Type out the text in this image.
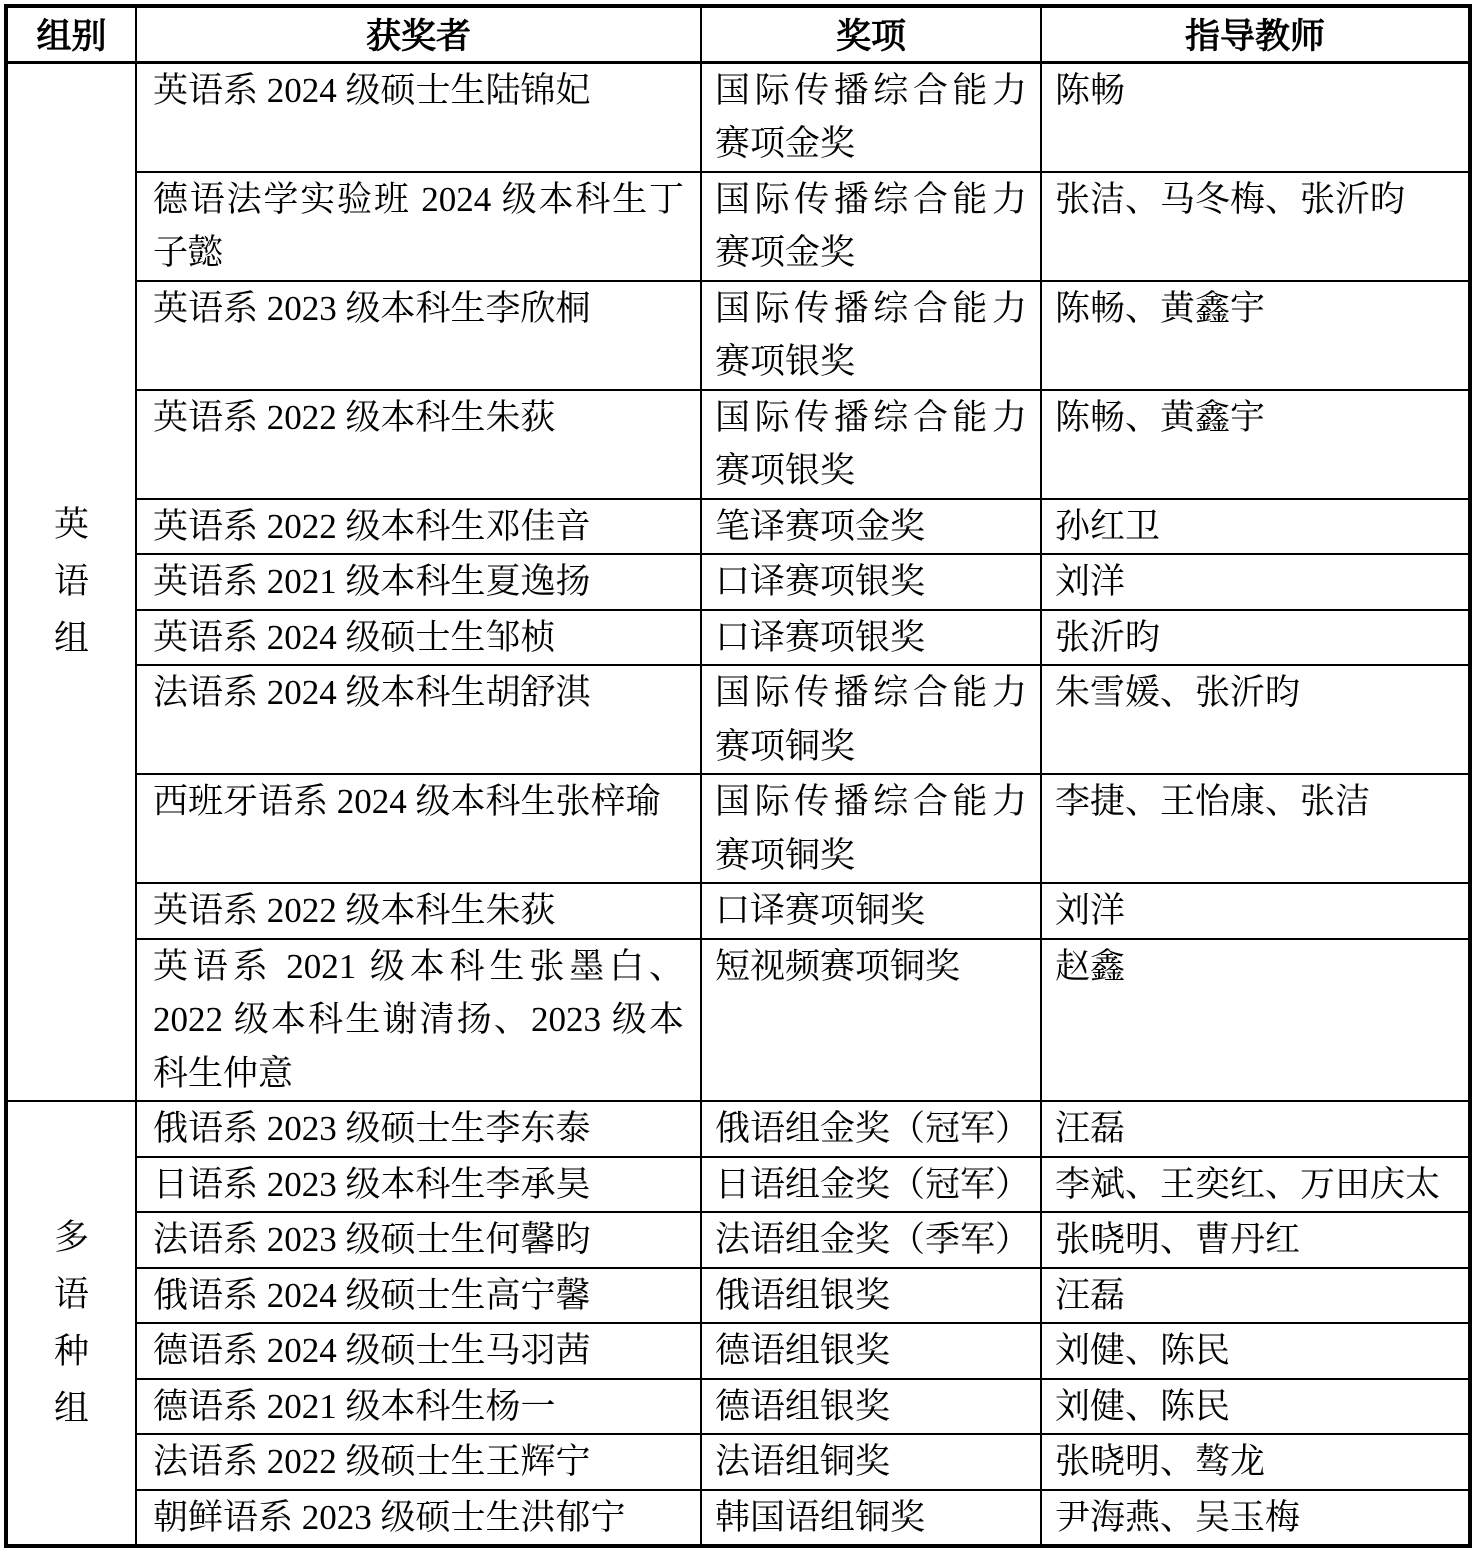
组别	获奖者	奖项	指导教师

英语组	英语系 2024 级硕士生陆锦妃	国际传播综合能力赛项金奖	陈畅
	德语法学实验班 2024 级本科生丁子懿	国际传播综合能力赛项金奖	张洁、马冬梅、张沂昀
	英语系 2023 级本科生李欣桐	国际传播综合能力赛项银奖	陈畅、黄鑫宇
	英语系 2022 级本科生朱荻	国际传播综合能力赛项银奖	陈畅、黄鑫宇
	英语系 2022 级本科生邓佳音	笔译赛项金奖	孙红卫
	英语系 2021 级本科生夏逸扬	口译赛项银奖	刘洋
	英语系 2024 级硕士生邹桢	口译赛项银奖	张沂昀
	法语系 2024 级本科生胡舒淇	国际传播综合能力赛项铜奖	朱雪媛、张沂昀
	西班牙语系 2024 级本科生张梓瑜	国际传播综合能力赛项铜奖	李捷、王怡康、张洁
	英语系 2022 级本科生朱荻	口译赛项铜奖	刘洋
	英语系 2021 级本科生张墨白、2022 级本科生谢清扬、2023 级本科生仲意	短视频赛项铜奖	赵鑫

多语种组	俄语系 2023 级硕士生李东泰	俄语组金奖（冠军）	汪磊
	日语系 2023 级本科生李承昊	日语组金奖（冠军）	李斌、王奕红、万田庆太
	法语系 2023 级硕士生何馨昀	法语组金奖（季军）	张晓明、曹丹红
	俄语系 2024 级硕士生高宁馨	俄语组银奖	汪磊
	德语系 2024 级硕士生马羽茜	德语组银奖	刘健、陈民
	德语系 2021 级本科生杨一	德语组银奖	刘健、陈民
	法语系 2022 级硕士生王辉宁	法语组铜奖	张晓明、骜龙
	朝鲜语系 2023 级硕士生洪郁宁	韩国语组铜奖	尹海燕、吴玉梅
